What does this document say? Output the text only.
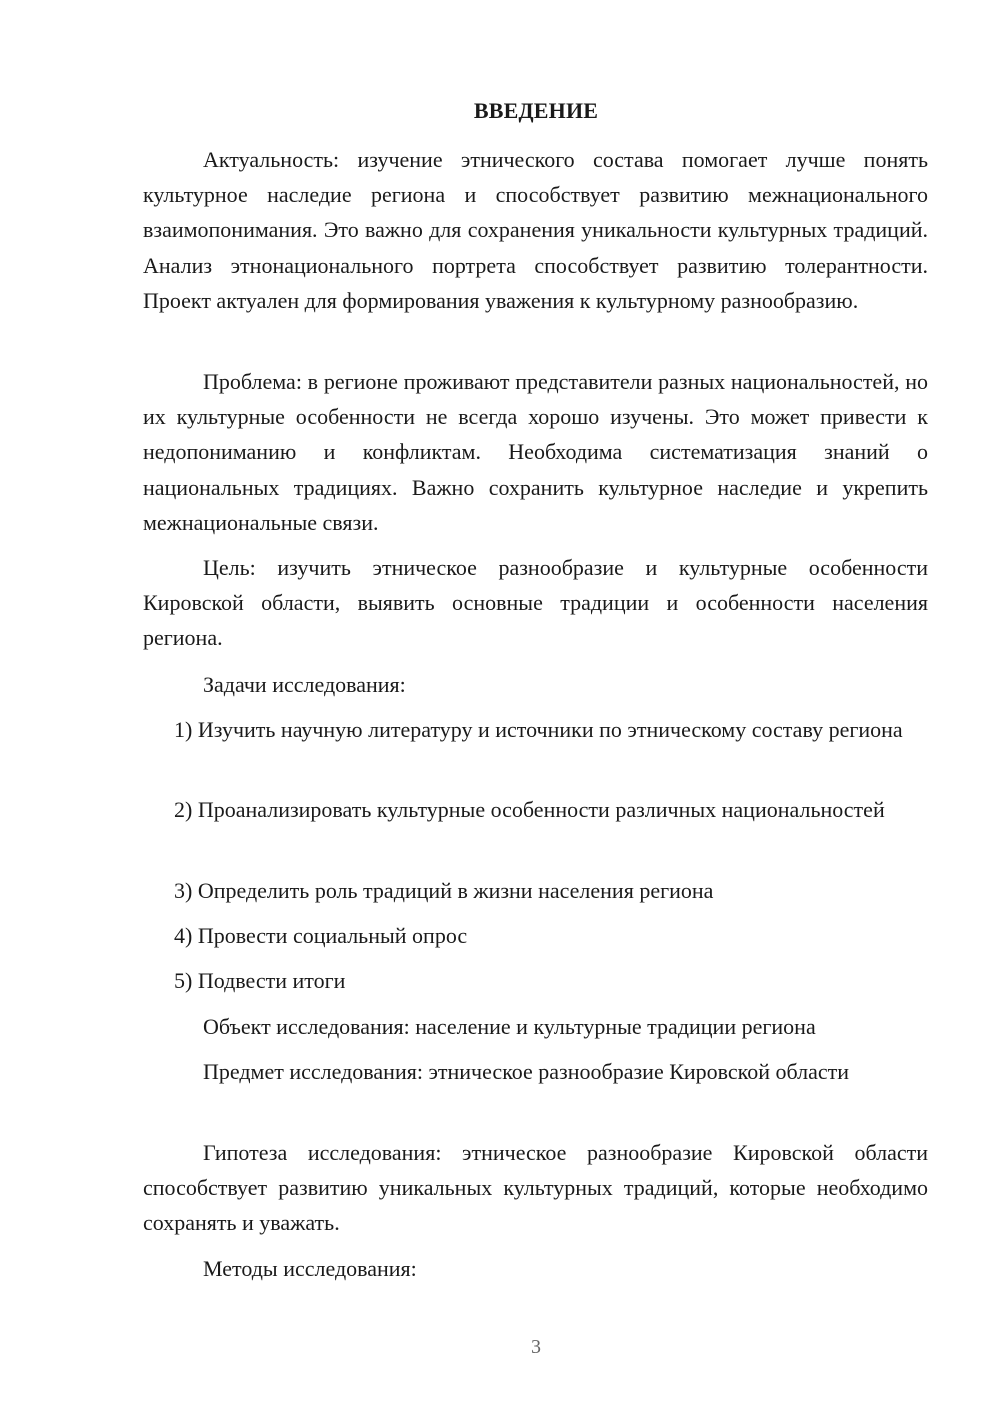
ВВЕДЕНИЕ

Актуальность: изучение этнического состава помогает лучше понять культурное наследие региона и способствует развитию межнационального взаимопонимания. Это важно для сохранения уникальности культурных традиций. Анализ этнонационального портрета способствует развитию толерантности. Проект актуален для формирования уважения к культурному разнообразию.

Проблема: в регионе проживают представители разных национальностей, но их культурные особенности не всегда хорошо изучены. Это может привести к недопониманию и конфликтам. Необходима систематизация знаний о национальных традициях. Важно сохранить культурное наследие и укрепить межнациональные связи.

Цель: изучить этническое разнообразие и культурные особенности Кировской области, выявить основные традиции и особенности населения региона.

Задачи исследования:

1) Изучить научную литературу и источники по этническому составу региона

2) Проанализировать культурные особенности различных национальностей

3) Определить роль традиций в жизни населения региона

4) Провести социальный опрос

5) Подвести итоги

Объект исследования: население и культурные традиции региона

Предмет исследования: этническое разнообразие Кировской области

Гипотеза исследования: этническое разнообразие Кировской области способствует развитию уникальных культурных традиций, которые необходимо сохранять и уважать.

Методы исследования:

3
